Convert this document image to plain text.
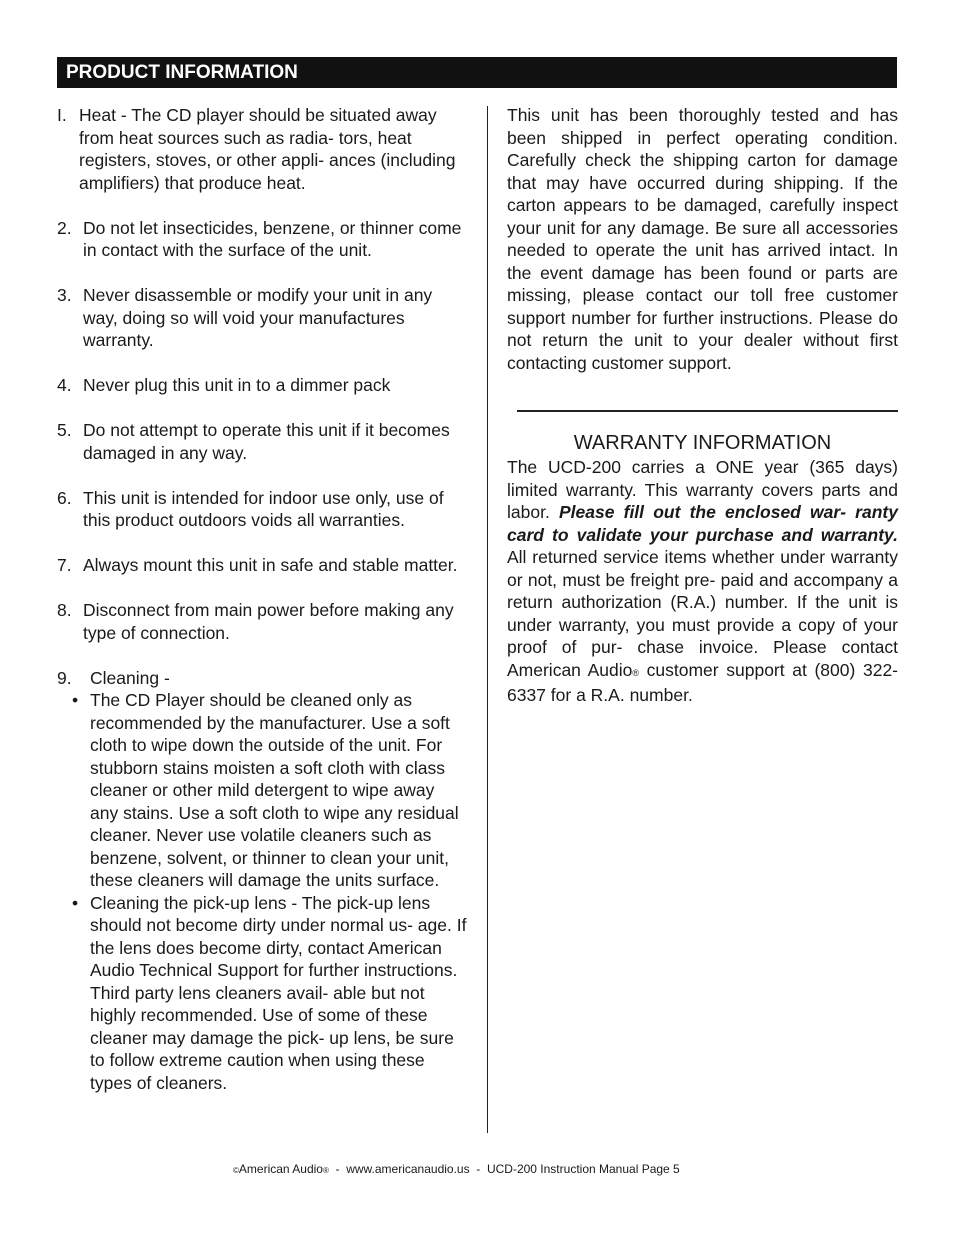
PRODUCT INFORMATION
I. Heat - The CD player should be situated away from heat sources such as radia- tors, heat registers, stoves, or other appli- ances (including amplifiers) that produce heat.
2. Do not let insecticides, benzene, or thinner come in contact with the surface of the unit.
3. Never disassemble or modify your unit in any way, doing so will void your manufactures warranty.
4. Never plug this unit in to a dimmer pack
5. Do not attempt to operate this unit if it becomes damaged in any way.
6. This unit is intended for indoor use only, use of this product outdoors voids all warranties.
7. Always mount this unit in safe and stable matter.
8. Disconnect from main power before making any type of connection.
9.	Cleaning -
• The CD Player should be cleaned only as recommended by the manufacturer. Use a soft cloth to wipe down the outside of the unit. For stubborn stains moisten a soft cloth with class cleaner or other mild detergent to wipe away any stains. Use a soft cloth to wipe any residual cleaner. Never use volatile cleaners such as benzene, solvent, or thinner to clean your unit, these cleaners will damage the units surface.
• Cleaning the pick-up lens - The pick-up lens should not become dirty under normal us- age. If the lens does become dirty, contact American Audio Technical Support for further instructions. Third party lens cleaners avail- able but not highly recommended. Use of some of these cleaner may damage the pick- up lens, be sure to follow extreme caution when using these types of cleaners.

This unit has been thoroughly tested and has been shipped in perfect operating condition. Carefully check the shipping carton for damage that may have occurred during shipping. If the carton appears to be damaged, carefully inspect your unit for any damage. Be sure all accessories needed to operate the unit has arrived intact. In the event damage has been found or parts are missing, please contact our toll free customer support number for further instructions. Please do not return the unit to your dealer without first contacting customer support.

WARRANTY INFORMATION
The UCD-200 carries a ONE year (365 days) limited warranty. This warranty covers parts and labor. Please fill out the enclosed war- ranty card to validate your purchase and warranty. All returned service items whether under warranty or not, must be freight pre- paid and accompany a return authorization (R.A.) number. If the unit is under warranty, you must provide a copy of your proof of pur- chase invoice. Please contact American Audio® customer support at (800) 322-6337 for a R.A. number.
©American Audio®  -  www.americanaudio.us  -  UCD-200 Instruction Manual Page 5
